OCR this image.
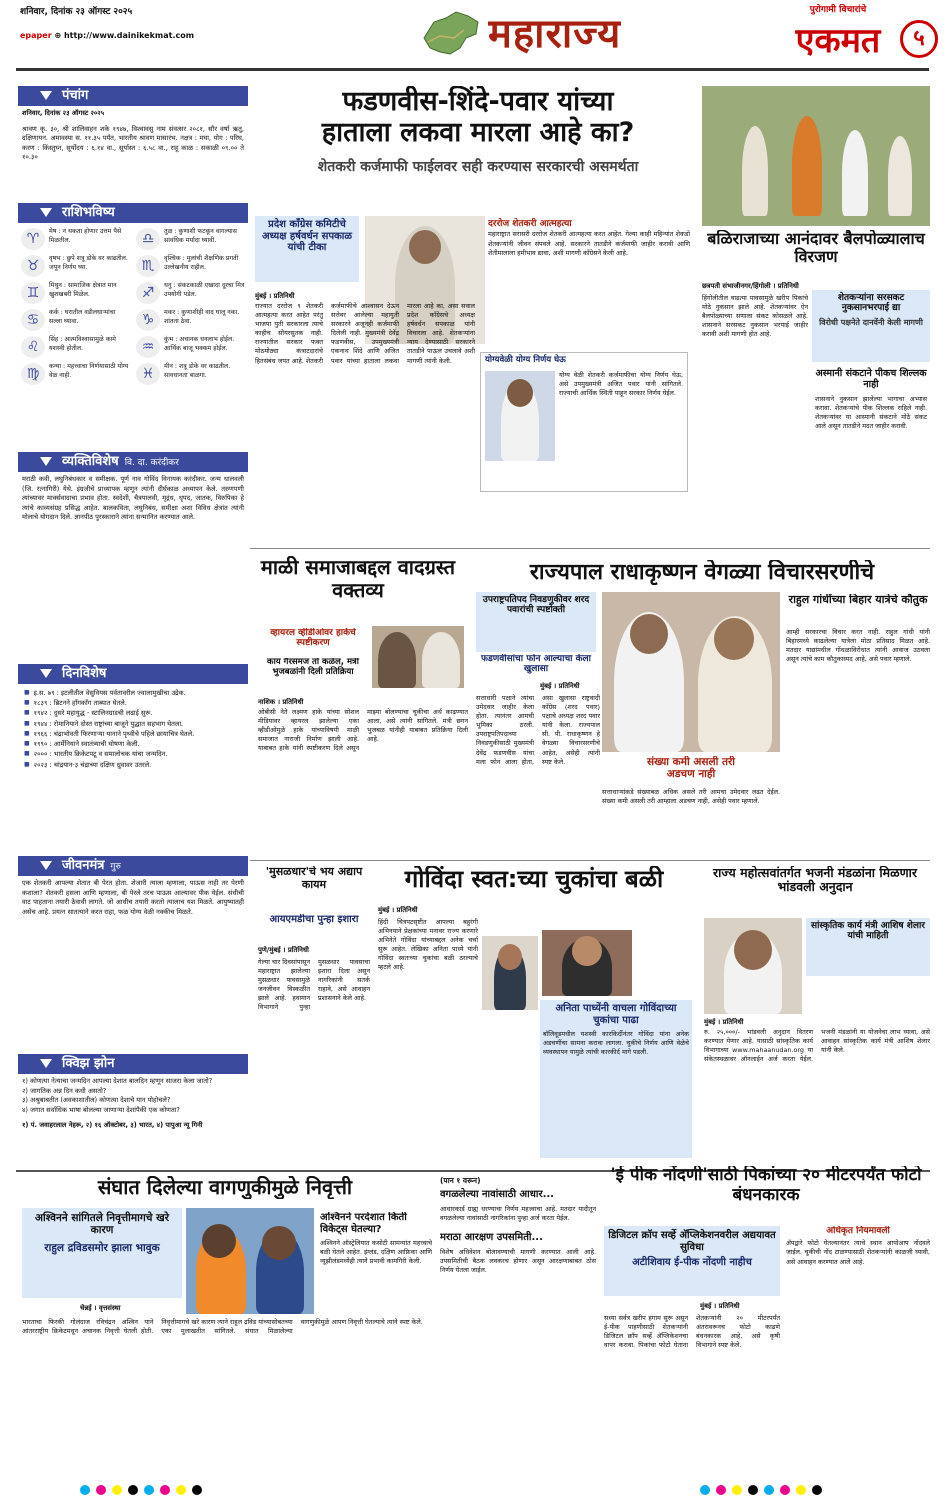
शनिवार, दिनांक २३ ऑगस्ट २०२५
epaper ⊕ http://www.dainikekmat.com	महाराज्य	पुरोगामी विचारांचे
एकमत	५
पंचांग
शनिवार, दिनांक २३ ऑगस्ट २०२५
श्रावण कृ. ३०, श्री शालिवाहन शके १९४७, विश्वावसु नाम संवत्सर २०८१, सौर वर्षा ऋतु, दक्षिणायन. अमावस्या स. ११.३५ पर्यंत, भारतीय श्रावण मासारंभ. नक्षत्र : मघा, योग : परिघ, करण : किंस्तुघ्न, सूर्योदय : ६.१४ वा., सूर्यास्त : ६.५८ वा., राहू काळ : सकाळी ०९.०० ते १०.३०
राशिभविष्य
♈	मेष : न थकता होणार उत्तम पैसे मिळतील.	♎	तुळ : कुणाशी फटकून वागल्यास सावधिक मर्यादा घ्यावी.
♉	वृषभ : छुपे शत्रू डोके वर काढतील. जपून निर्णय घ्या.	♏	वृश्चिक : मुलांची शैक्षणिक प्रगती उल्लेखनीय राहील.
♊	मिथुन : सामाजिक क्षेत्रात मान खुशखबरी मिळेल.	♐	धनु : संकटकाळी एखादा दूरचा मित्र उपयोगी पडेल.
♋	कर्क : घरातील वडीलधाऱ्यांचा सल्ला घ्यावा.	♑	मकर : कुणाशीही वाद घालू नका. शांतता ठेवा.
♌	सिंह : आत्मविश्वासामुळे कामे यशस्वी होतील.	♒	कुंभ : अचानक धनलाभ होईल. आर्थिक बाजू भक्कम होईल.
♍	कन्या : महत्त्वाचा निर्णयासाठी योग्य वेळ नाही.	♓	मीन : शत्रू डोके वर काढतील. सावधानता बाळगा.
व्यक्तिविशेष वि. दा. करंदीकर
मराठी कवी, लघुनिबंधकार व समीक्षक. पूर्ण नाव गोविंद विनायक करंदीकर. जन्म धालवली (जि. रत्नागिरी) येथे. इंग्रजीचे प्राध्यापक म्हणून त्यांनी दीर्घकाळ अध्यापन केले. तरुणपणी त्यांच्यावर मार्क्सवादाचा प्रभाव होता. स्वदेशी, चैत्रपालवी, मृद्गंध, धृपद, जातक, विरुपिका हे त्यांचे काव्यसंग्रह प्रसिद्ध आहेत. बालकविता, लघुनिबंध, समीक्षा अशा विविध क्षेत्रांत त्यांनी मोलाचे योगदान दिले. ज्ञानपीठ पुरस्काराने त्यांना सन्मानित करण्यात आले.
दिनविशेष
■ इ.स. ७९ : इटलीतील वेसुवियस पर्वतावरील ज्वालामुखीचा उद्रेक.
■ १८३९ : ब्रिटनने हाँगकाँग ताब्यात घेतले.
■ १९४२ : दुसरे महायुद्ध - स्टालिनग्राडची लढाई सुरू.
■ १९४४ : रोमानियाने दोस्त राष्ट्रांच्या बाजूने युद्धात सहभाग घेतला.
■ १९६६ : चंद्राभोवती फिरणाऱ्या यानाने पृथ्वीचे पहिले छायाचित्र घेतले.
■ १९९० : आर्मेनियाने स्वातंत्र्याची घोषणा केली.
■ २००० : भारतीय क्रिकेटपटू व समालोचक यांचा जन्मदिन.
■ २०२३ : चांद्रयान-३ चंद्राच्या दक्षिण ध्रुवावर उतरले.
जीवनमंत्र गुरु
एक शेतकरी आपल्या शेतात बी पेरत होता. शेजारी त्याला म्हणाला, पाऊस नाही तर पेरणी कशाला? शेतकरी हसला आणि म्हणाला, बी पेरले तरच पाऊस आल्यावर पीक येईल. संधीची वाट पाहताना तयारी ठेवावी लागते. जो आधीच तयारी करतो त्यालाच यश मिळते. आयुष्यातही असेच आहे. प्रयत्न सातत्याने करत राहा, फळ योग्य वेळी नक्कीच मिळते.
क्विझ झोन
१) कोणत्या नेत्याचा जन्मदिन आपल्या देशात बालदिन म्हणून साजरा केला जातो?
२) जागतिक अन्न दिन कधी असतो?
३) अश्रुबाबतीत (अवकाशातील) कोणत्या देशाचे यान पोहोचले?
४) जगात सर्वाधिक भाषा बोलल्या जाणाऱ्या देशांपैकी एक कोणता?
१) पं. जवाहरलाल नेहरू, २) १६ ऑक्टोबर, ३) भारत, ४) पापुआ न्यू गिनी
फडणवीस-शिंदे-पवार यांच्या
हाताला लकवा मारला आहे का?
शेतकरी कर्जमाफी फाईलवर सही करण्यास सरकारची असमर्थता
प्रदेश काँग्रेस कमिटीचे अध्यक्ष हर्षवर्धन सपकाळ यांची टीका
दररोज शेतकरी आत्महत्या

महाराष्ट्रात सरासरी दररोज शेतकरी आत्महत्या करत आहेत. गेल्या काही महिन्यांत शेकडो शेतकऱ्यांनी जीवन संपवले आहे. सरकारने तातडीने कर्जमाफी जाहीर करावी आणि शेतीमालाला हमीभाव द्यावा, अशी मागणी काँग्रेसने केली आहे.

मुंबई । प्रतिनिधी
राज्यात दररोज ९ शेतकरी आत्महत्या करत आहेत परंतु भाजपा युती सरकारला त्याचे काहीच सोयरसुतक नाही. राज्यातील सरकार फक्त मोठमोठ्या कंत्राटदारांचे हितसंबंध जपत आहे. शेतकरी कर्जमाफीचे आश्वासन देऊन सत्तेवर आलेल्या महायुती सरकारने अजूनही कर्जमाफी दिलेली नाही. मुख्यमंत्री देवेंद्र फडणवीस, उपमुख्यमंत्री एकनाथ शिंदे आणि अजित पवार यांच्या हाताला लकवा मारला आहे का, असा सवाल प्रदेश काँग्रेसचे अध्यक्ष हर्षवर्धन सपकाळ यांनी विचारला आहे. शेतकऱ्यांना न्याय देण्यासाठी सरकारने तातडीने पाऊल उचलावे अशी मागणी त्यांनी केली.	योग्यवेळी योग्य निर्णय घेऊ

योग्य वेळी शेतकरी कर्जमाफीचा योग्य निर्णय घेऊ, असे उपमुख्यमंत्री अजित पवार यांनी सांगितले. राज्याची आर्थिक स्थिती पाहून सरकार निर्णय घेईल.

बळिराजाच्या आनंदावर बैलपोळ्यालाच विरजण
छत्रपती संभाजीनगर/हिंगोली । प्रतिनिधी
हिंगोलीतील वाढत्या पावसामुळे खरीप पिकांचे मोठे नुकसान झाले आहे. शेतकऱ्यांवर ऐन बैलपोळ्याच्या सणाला संकट कोसळले आहे. शासनाने सरसकट नुकसान भरपाई जाहीर करावी अशी मागणी होत आहे.
शेतकऱ्यांना सरसकट नुकसानभरपाई द्या
विरोधी पक्षनेते दानवेंनी केली मागणी
अस्मानी संकटाने पीकच शिल्लक नाही

शासनाने नुकसान झालेल्या भागाचा अभ्यास करावा. शेतकऱ्यांचे पीक शिल्लक राहिले नाही. शेतकऱ्यांवर या आस्मानी संकटाने मोठे संकट आले असून तातडीने मदत जाहीर करावी.

माळी समाजाबद्दल वादग्रस्त वक्तव्य
व्हायरल व्हीडीओवर हाकेंचे स्पष्टीकरण
काय गैरसमज तो कळेल, मंत्री भुजबळांनी दिली प्रतिक्रिया
नाशिक । प्रतिनिधी
ओबीसी नेते लक्ष्मण हाके यांच्या सोशल मीडियावर व्हायरल झालेल्या एका व्हीडीओमुळे हाके यांच्याविषयी माळी समाजात नाराजी निर्माण झाली आहे. याबाबत हाके यांनी स्पष्टीकरण दिले असून माझ्या बोलण्याचा चुकीचा अर्थ काढण्यात आला, असे त्यांनी सांगितले. मंत्री छगन भुजबळ यांनीही याबाबत प्रतिक्रिया दिली आहे.
राज्यपाल राधाकृष्णन वेगळ्या विचारसरणीचे
उपराष्ट्रपतिपद निवडणुकीवर शरद पवारांची स्पष्टोक्ती
फडणवीसांचा फोन आल्याचा केला खुलासा
मुंबई । प्रतिनिधी
सत्ताधारी पक्षाने त्यांचा उमेदवार जाहीर केला होता. त्यानंतर आमची भूमिका ठरली. उपराष्ट्रपतिपदाच्या निवडणुकीसाठी मुख्यमंत्री देवेंद्र फडणवीस यांचा मला फोन आला होता, असा खुलासा राष्ट्रवादी काँग्रेस (शरद पवार) पक्षाचे अध्यक्ष शरद पवार यांनी केला. राज्यपाल सी. पी. राधाकृष्णन हे वेगळ्या विचारसरणीचे आहेत, असेही त्यांनी स्पष्ट केले.	संख्या कमी असली तरी
अडचण नाही
सत्ताधाऱ्यांकडे संख्याबळ अधिक असले तरी आमचा उमेदवार लढत देईल. संख्या कमी असली तरी आम्हाला अडचण नाही, असेही पवार म्हणाले.
राहुल गांधींच्या बिहार यात्रेचे कौतुक
आम्ही सरकारचा विचार करत नाही. राहुल गांधी यांनी बिहारमध्ये काढलेल्या यात्रेला मोठा प्रतिसाद मिळत आहे. मतदार याद्यांमधील गोंधळाविरोधात त्यांनी आवाज उठवला असून त्यांचे काम कौतुकास्पद आहे, असे पवार म्हणाले.
'मुसळधार'चे भय अद्याप कायम
आयएमडीचा पुन्हा इशारा
पुणे/मुंबई । प्रतिनिधी
गेल्या चार दिवसांपासून महाराष्ट्रात झालेल्या मुसळधार पावसामुळे जनजीवन विस्कळीत झाले आहे. हवामान विभागाने पुन्हा मुसळधार पावसाचा इशारा दिला असून नागरिकांनी सतर्क राहावे, असे आवाहन प्रशासनाने केले आहे.
गोविंदा स्वत:च्या चुकांचा बळी
मुंबई । प्रतिनिधी
हिंदी चित्रपटसृष्टीत आपल्या बहुरंगी अभिनयाने प्रेक्षकांच्या मनावर राज्य करणारे अभिनेते गोविंदा यांच्याबद्दल अनेक चर्चा सुरू आहेत. लेखिका अनिता पाध्ये यांनी गोविंदा स्वतःच्या चुकांचा बळी ठरल्याचे म्हटले आहे.
अनिता पाध्येंनी वाचला गोविंदाच्या चुकांचा पाढा

बॉलिवूडमधील यशस्वी कारकिर्दीनंतर गोविंदा यांना अनेक अडचणींचा सामना करावा लागला. चुकीचे निर्णय आणि वेळेचे व्यवस्थापन यामुळे त्यांची कारकीर्द मागे पडली.

राज्य महोत्सवांतर्गत भजनी मंडळांना मिळणार भांडवली अनुदान
सांस्कृतिक कार्य मंत्री आशिष शेलार यांची माहिती
मुंबई । प्रतिनिधी
रु. २५,०००/- भांडवली अनुदान वितरण करण्यात येणार आहे. यासाठी सांस्कृतिक कार्य विभागाच्या www.mahaanudan.org या संकेतस्थळावर ऑनलाईन अर्ज करता येईल. भजनी मंडळांनी या योजनेचा लाभ घ्यावा, असे आवाहन सांस्कृतिक कार्य मंत्री आशिष शेलार यांनी केले.
संघात दिलेल्या वागणुकीमुळे निवृत्ती
अश्विनने सांगितले निवृत्तीमागचे खरे कारण
राहुल द्रविडसमोर झाला भावुक
चेन्नई । वृत्तसंस्था
अश्विनने परदेशात किती विकेट्स घेतल्या?

अश्विनने ऑस्ट्रेलियात कसोटी सामन्यांत महत्त्वाचे बळी घेतले आहेत. इंग्लंड, दक्षिण आफ्रिका आणि न्यूझीलंडमध्येही त्याने प्रभावी कामगिरी केली.

भारताचा फिरकी गोलंदाज रविचंद्रन अश्विन याने आंतरराष्ट्रीय क्रिकेटमधून अचानक निवृत्ती घेतली होती. निवृत्तीमागचे खरे कारण त्याने राहुल द्रविड यांच्यासोबतच्या एका मुलाखतीत सांगितले. संघात मिळालेल्या वागणुकीमुळे आपण निवृत्ती घेतल्याचे त्याने स्पष्ट केले.
(पान १ वरून)
वगळलेल्या नावांसाठी आधार...

आधारकार्ड ग्राह्य धरण्याचा निर्णय महत्त्वाचा आहे. मतदार यादीतून वगळलेल्या नावांसाठी नागरिकांना पुन्हा अर्ज करता येईल.

मराठा आरक्षण उपसमिती...

विशेष अधिवेशन बोलावण्याची मागणी करण्यात आली आहे. उपसमितीची बैठक लवकरच होणार असून आरक्षणाबाबत ठोस निर्णय घेतला जाईल.

'ई पीक नोंदणी'साठी पिकांच्या २० मीटरपर्यंत फोटो बंधनकारक
डिजिटल क्रॉप सर्व्हे अ‍ॅप्लिकेशनवरील अद्ययावत सुविधा
अटीशिवाय ई-पीक नोंदणी नाहीच
मुंबई । प्रतिनिधी
सध्या सर्वत्र खरीप हंगाम सुरू असून ई-पीक पाहणीसाठी शेतकऱ्यांनी डिजिटल क्रॉप सर्व्हे अ‍ॅप्लिकेशनचा वापर करावा. पिकांचा फोटो घेताना शेतकऱ्यांनी २० मीटरपर्यंत अंतरावरूनच फोटो काढणे बंधनकारक आहे, असे कृषी विभागाने स्पष्ट केले.
अधिकृत नियमावली

ॲपद्वारे फोटो घेतल्यानंतर त्याचे स्थान आपोआप नोंदवले जाईल. चुकीची नोंद टाळण्यासाठी शेतकऱ्यांनी काळजी घ्यावी, असे आवाहन करण्यात आले आहे.
